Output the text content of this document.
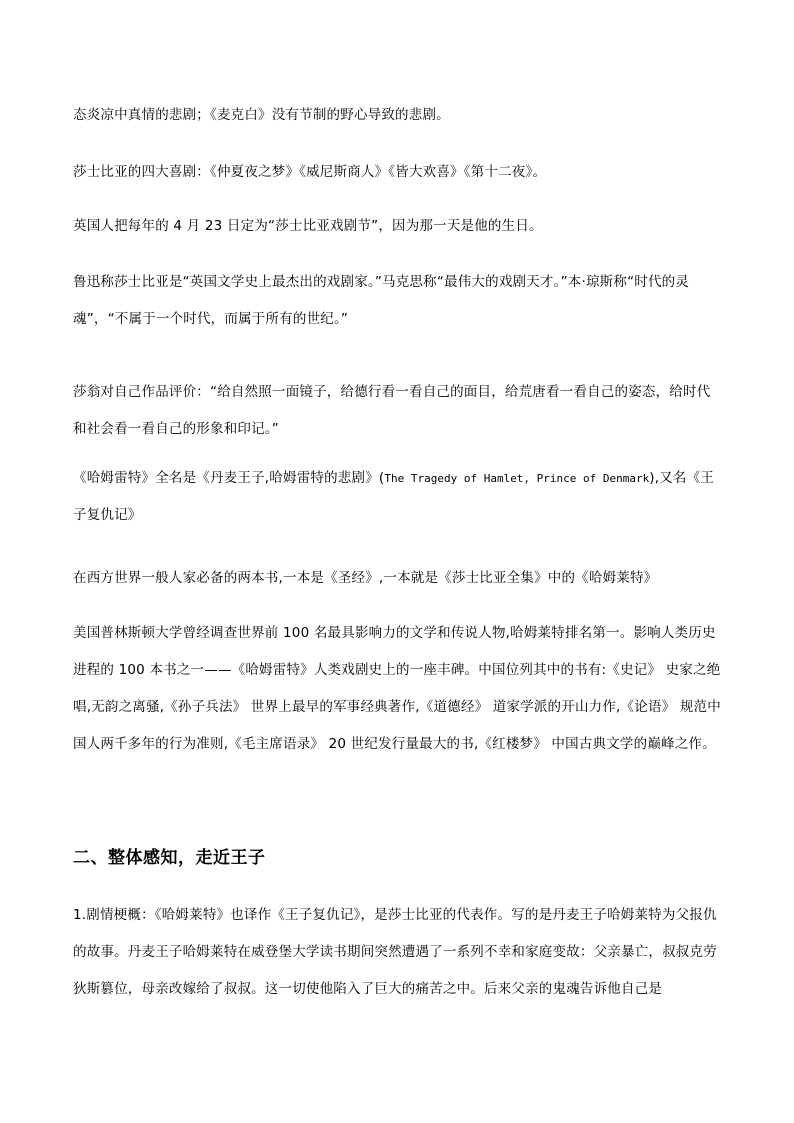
态炎凉中真情的悲剧；《麦克白》没有节制的野心导致的悲剧。
莎士比亚的四大喜剧：《仲夏夜之梦》《威尼斯商人》《皆大欢喜》《第十二夜》。
英国人把每年的 4 月 23 日定为“莎士比亚戏剧节”，因为那一天是他的生日。
鲁迅称莎士比亚是“英国文学史上最杰出的戏剧家。”马克思称“最伟大的戏剧天才。”本·琼斯称“时代的灵魂”，“不属于一个时代，而属于所有的世纪。”
莎翁对自己作品评价：“给自然照一面镜子，给德行看一看自己的面目，给荒唐看一看自己的姿态，给时代和社会看一看自己的形象和印记。”
《哈姆雷特》全名是《丹麦王子,哈姆雷特的悲剧》(The Tragedy of Hamlet, Prince of Denmark),又名《王子复仇记》
在西方世界一般人家必备的两本书,一本是《圣经》,一本就是《莎士比亚全集》中的《哈姆莱特》
美国普林斯顿大学曾经调查世界前 100 名最具影响力的文学和传说人物,哈姆莱特排名第一。影响人类历史进程的 100 本书之一——《哈姆雷特》人类戏剧史上的一座丰碑。中国位列其中的书有:《史记》 史家之绝唱,无韵之离骚,《孙子兵法》 世界上最早的军事经典著作,《道德经》 道家学派的开山力作,《论语》 规范中国人两千多年的行为准则,《毛主席语录》 20 世纪发行量最大的书,《红楼梦》 中国古典文学的巅峰之作。
二、整体感知，走近王子
1.剧情梗概：《哈姆莱特》也译作《王子复仇记》，是莎士比亚的代表作。写的是丹麦王子哈姆莱特为父报仇的故事。丹麦王子哈姆莱特在威登堡大学读书期间突然遭遇了一系列不幸和家庭变故：父亲暴亡，叔叔克劳狄斯篡位，母亲改嫁给了叔叔。这一切使他陷入了巨大的痛苦之中。后来父亲的鬼魂告诉他自己是
